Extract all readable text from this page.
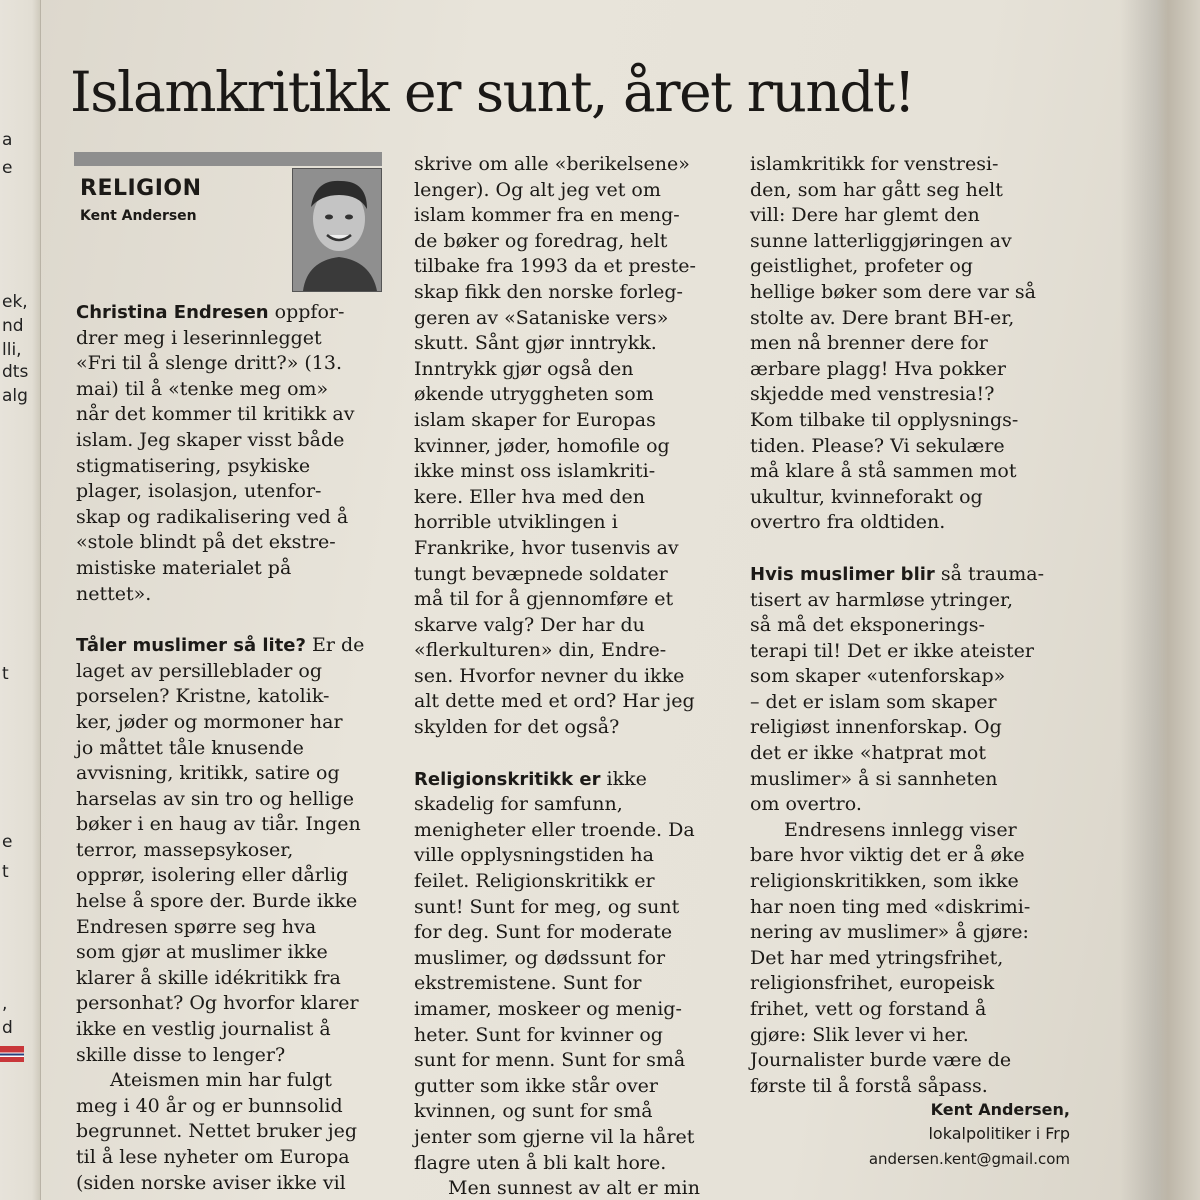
a
e
ek,
nd
lli,
dts
alg
t
e
t
,
d
Islamkritikk er sunt, året rundt!
RELIGION
Kent Andersen

Christina Endresen oppfor-

drer meg i leserinnlegget

«Fri til å slenge dritt?» (13.

mai) til å «tenke meg om»

når det kommer til kritikk av

islam. Jeg skaper visst både

stigmatisering, psykiske

plager, isolasjon, utenfor-

skap og radikalisering ved å

«stole blindt på det ekstre-

mistiske materialet på

nettet».

Tåler muslimer så lite? Er de

laget av persilleblader og

porselen? Kristne, katolik-

ker, jøder og mormoner har

jo måttet tåle knusende

avvisning, kritikk, satire og

harselas av sin tro og hellige

bøker i en haug av tiår. Ingen

terror, massepsykoser,

opprør, isolering eller dårlig

helse å spore der. Burde ikke

Endresen spørre seg hva

som gjør at muslimer ikke

klarer å skille idékritikk fra

personhat? Og hvorfor klarer

ikke en vestlig journalist å

skille disse to lenger?

Ateismen min har fulgt

meg i 40 år og er bunnsolid

begrunnet. Nettet bruker jeg

til å lese nyheter om Europa

(siden norske aviser ikke vil

skrive om alle «berikelsene»

lenger). Og alt jeg vet om

islam kommer fra en meng-

de bøker og foredrag, helt

tilbake fra 1993 da et preste-

skap fikk den norske forleg-

geren av «Sataniske vers»

skutt. Sånt gjør inntrykk.

Inntrykk gjør også den

økende utryggheten som

islam skaper for Europas

kvinner, jøder, homofile og

ikke minst oss islamkriti-

kere. Eller hva med den

horrible utviklingen i

Frankrike, hvor tusenvis av

tungt bevæpnede soldater

må til for å gjennomføre et

skarve valg? Der har du

«flerkulturen» din, Endre-

sen. Hvorfor nevner du ikke

alt dette med et ord? Har jeg

skylden for det også?

Religionskritikk er ikke

skadelig for samfunn,

menigheter eller troende. Da

ville opplysningstiden ha

feilet. Religionskritikk er

sunt! Sunt for meg, og sunt

for deg. Sunt for moderate

muslimer, og dødssunt for

ekstremistene. Sunt for

imamer, moskeer og menig-

heter. Sunt for kvinner og

sunt for menn. Sunt for små

gutter som ikke står over

kvinnen, og sunt for små

jenter som gjerne vil la håret

flagre uten å bli kalt hore.

Men sunnest av alt er min

islamkritikk for venstresi-

den, som har gått seg helt

vill: Dere har glemt den

sunne latterliggjøringen av

geistlighet, profeter og

hellige bøker som dere var så

stolte av. Dere brant BH-er,

men nå brenner dere for

ærbare plagg! Hva pokker

skjedde med venstresia!?

Kom tilbake til opplysnings-

tiden. Please? Vi sekulære

må klare å stå sammen mot

ukultur, kvinneforakt og

overtro fra oldtiden.

Hvis muslimer blir så trauma-

tisert av harmløse ytringer,

så må det eksponerings-

terapi til! Det er ikke ateister

som skaper «utenforskap»

– det er islam som skaper

religiøst innenforskap. Og

det er ikke «hatprat mot

muslimer» å si sannheten

om overtro.

Endresens innlegg viser

bare hvor viktig det er å øke

religionskritikken, som ikke

har noen ting med «diskrimi-

nering av muslimer» å gjøre:

Det har med ytringsfrihet,

religionsfrihet, europeisk

frihet, vett og forstand å

gjøre: Slik lever vi her.

Journalister burde være de

første til å forstå såpass.

Kent Andersen,
lokalpolitiker i Frp
andersen.kent@gmail.com
